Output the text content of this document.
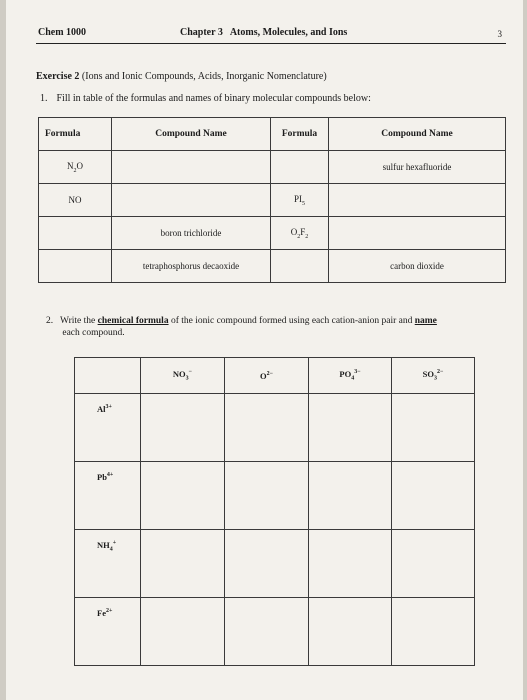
Chem 1000	Chapter 3   Atoms, Molecules, and Ions	3
Exercise 2 (Ions and Ionic Compounds, Acids, Inorganic Nomenclature)
1. Fill in table of the formulas and names of binary molecular compounds below:
Formula	Compound Name	Formula	Compound Name
$N_2O$			sulfur hexafluoride
NO		$PI_5$	
	boron trichloride	$O_2F_2$	
	tetraphosphorus decaoxide		carbon dioxide
2. Write the chemical formula of the ionic compound formed using each cation-anion pair and name
each compound.
	$NO_3^-$	$O^{2-}$	$PO_4^{3-}$	$SO_3^{2-}$
$Al^{3+}$				
$Pb^{4+}$				
$NH_4^+$				
$Fe^{2+}$				
